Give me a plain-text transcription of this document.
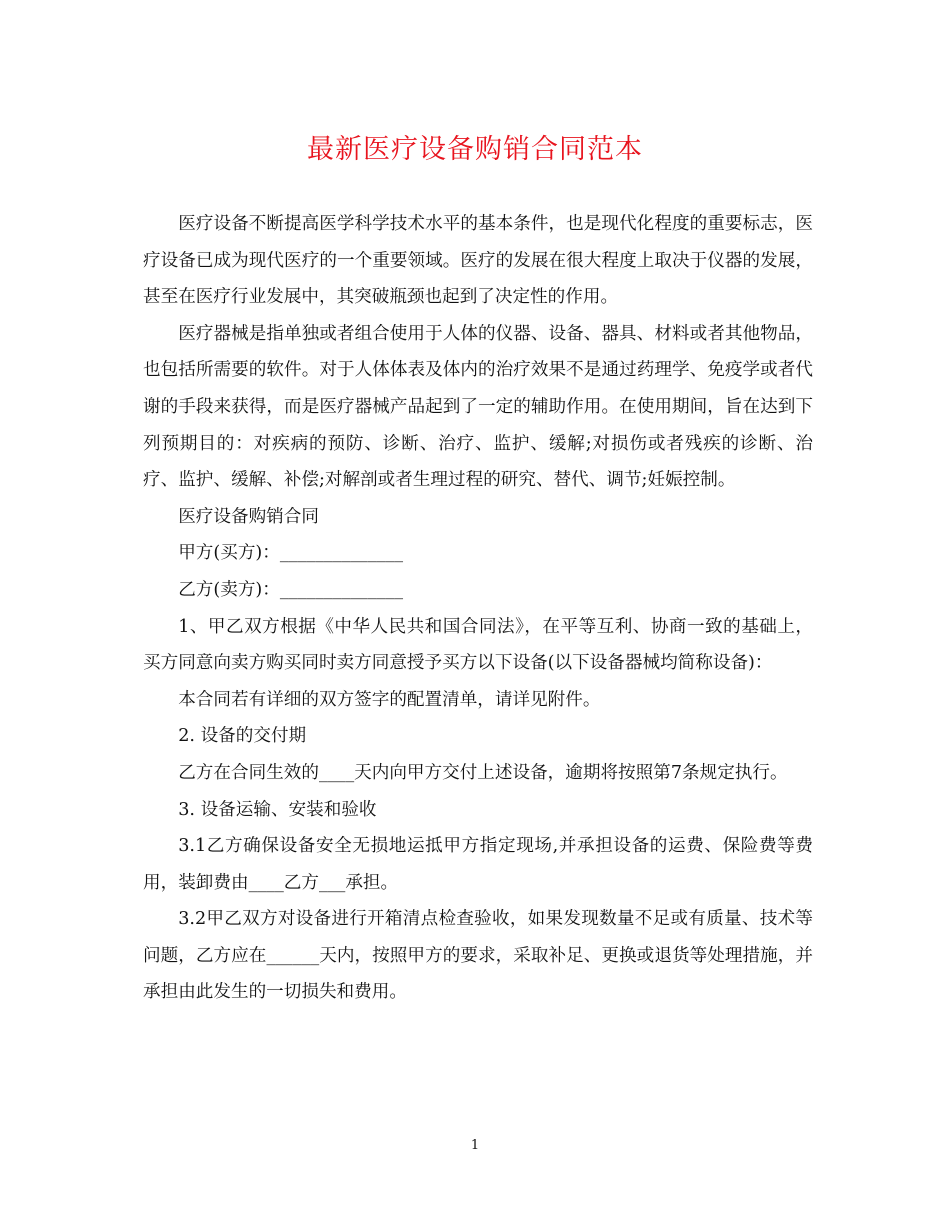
最新医疗设备购销合同范本

医疗设备不断提高医学科学技术水平的基本条件，也是现代化程度的重要标志，医疗设备已成为现代医疗的一个重要领域。医疗的发展在很大程度上取决于仪器的发展，甚至在医疗行业发展中，其突破瓶颈也起到了决定性的作用。

医疗器械是指单独或者组合使用于人体的仪器、设备、器具、材料或者其他物品，也包括所需要的软件。对于人体体表及体内的治疗效果不是通过药理学、免疫学或者代谢的手段来获得，而是医疗器械产品起到了一定的辅助作用。在使用期间，旨在达到下列预期目的：对疾病的预防、诊断、治疗、监护、缓解;对损伤或者残疾的诊断、治疗、监护、缓解、补偿;对解剖或者生理过程的研究、替代、调节;妊娠控制。

医疗设备购销合同

甲方(买方)：______________

乙方(卖方)：______________

1、甲乙双方根据《中华人民共和国合同法》，在平等互利、协商一致的基础上，买方同意向卖方购买同时卖方同意授予买方以下设备(以下设备器械均简称设备)：

本合同若有详细的双方签字的配置清单，请详见附件。

2. 设备的交付期

乙方在合同生效的____天内向甲方交付上述设备，逾期将按照第7条规定执行。

3. 设备运输、安装和验收

3.1乙方确保设备安全无损地运抵甲方指定现场,并承担设备的运费、保险费等费用，装卸费由____乙方___承担。

3.2甲乙双方对设备进行开箱清点检查验收，如果发现数量不足或有质量、技术等问题，乙方应在______天内，按照甲方的要求，采取补足、更换或退货等处理措施，并承担由此发生的一切损失和费用。

1
